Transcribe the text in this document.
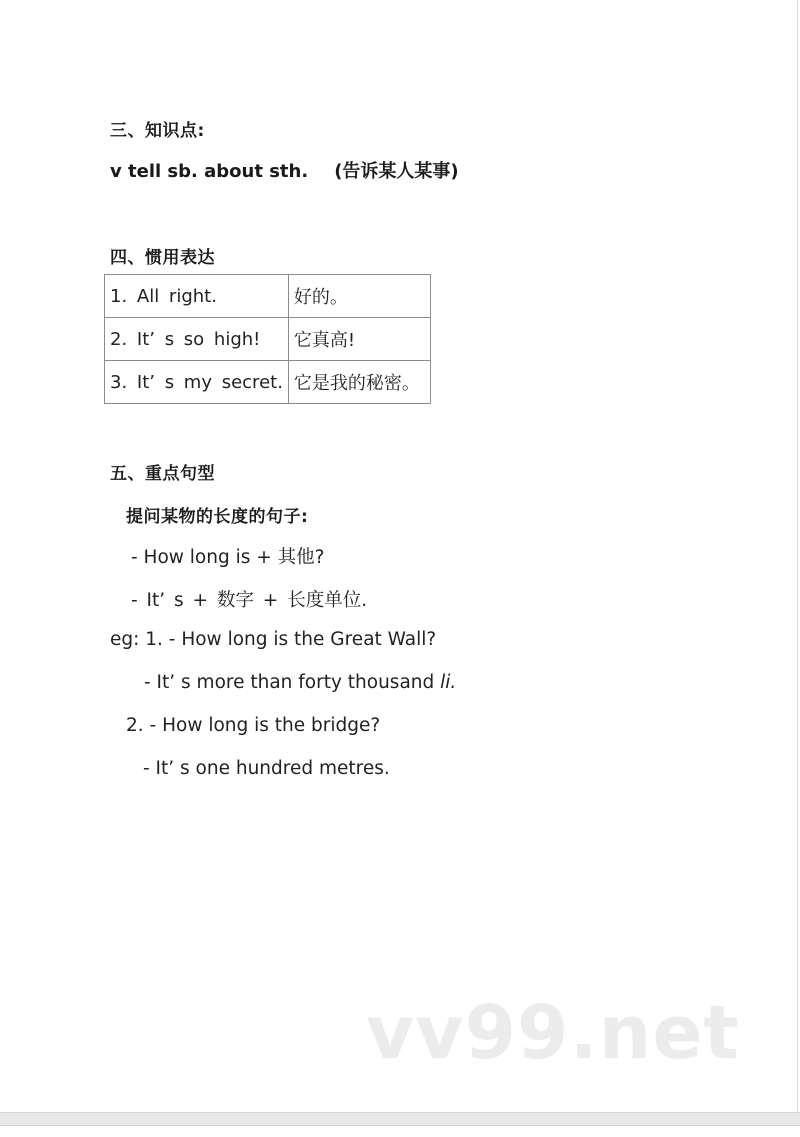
三、知识点:
v tell sb. about sth. (告诉某人某事)
四、惯用表达
1. All right.	好的。
2. It’ s so high!	它真高!
3. It’ s my secret.	它是我的秘密。
五、重点句型
提问某物的长度的句子:
- How long is + 其他?
- It’ s + 数字 + 长度单位.
eg: 1. - How long is the Great Wall?
- It’ s more than forty thousand li.
2. - How long is the bridge?
- It’ s one hundred metres.
vv99.net
